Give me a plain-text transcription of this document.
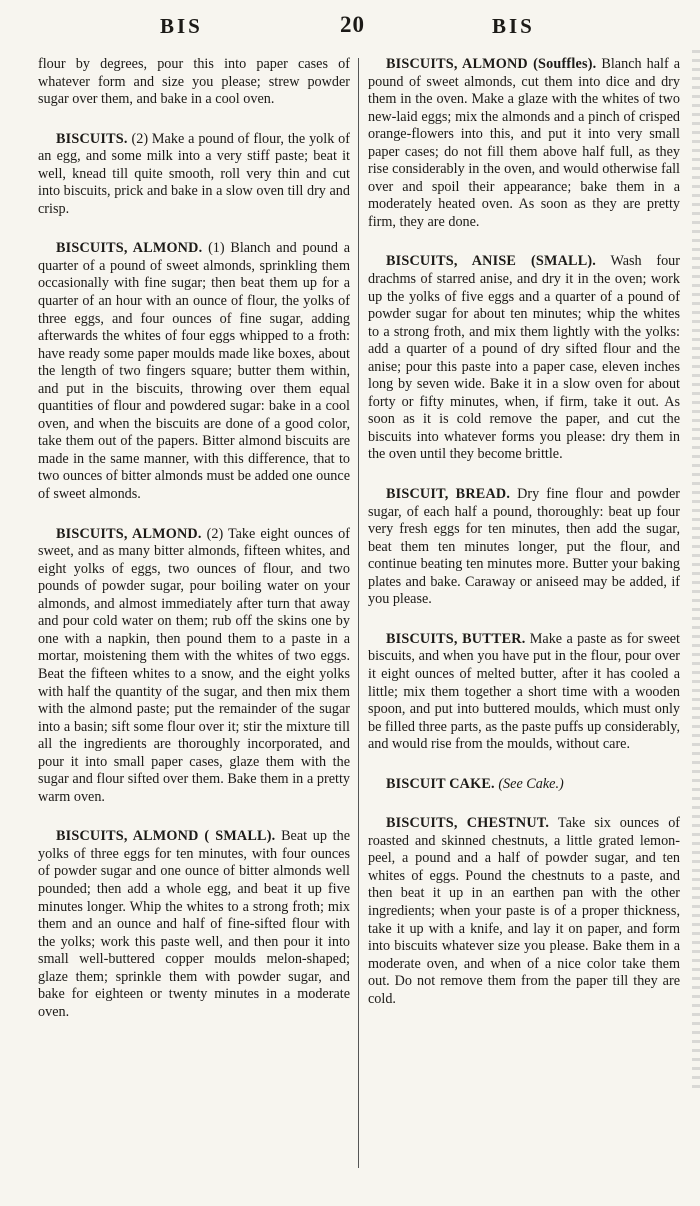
BIS	20	BIS

flour by degrees, pour this into paper cases of whatever form and size you please; strew powder sugar over them, and bake in a cool oven.

BISCUITS. (2) Make a pound of flour, the yolk of an egg, and some milk into a very stiff paste; beat it well, knead till quite smooth, roll very thin and cut into biscuits, prick and bake in a slow oven till dry and crisp.

BISCUITS, ALMOND. (1) Blanch and pound a quarter of a pound of sweet almonds, sprinkling them occasionally with fine sugar; then beat them up for a quarter of an hour with an ounce of flour, the yolks of three eggs, and four ounces of fine sugar, adding afterwards the whites of four eggs whipped to a froth: have ready some paper moulds made like boxes, about the length of two fingers square; butter them within, and put in the biscuits, throwing over them equal quantities of flour and powdered sugar: bake in a cool oven, and when the biscuits are done of a good color, take them out of the papers. Bitter almond biscuits are made in the same manner, with this difference, that to two ounces of bitter almonds must be added one ounce of sweet almonds.

BISCUITS, ALMOND. (2) Take eight ounces of sweet, and as many bitter almonds, fifteen whites, and eight yolks of eggs, two ounces of flour, and two pounds of powder sugar, pour boiling water on your almonds, and almost immediately after turn that away and pour cold water on them; rub off the skins one by one with a napkin, then pound them to a paste in a mortar, moistening them with the whites of two eggs. Beat the fifteen whites to a snow, and the eight yolks with half the quantity of the sugar, and then mix them with the almond paste; put the remainder of the sugar into a basin; sift some flour over it; stir the mixture till all the ingredients are thoroughly incorporated, and pour it into small paper cases, glaze them with the sugar and flour sifted over them. Bake them in a pretty warm oven.

BISCUITS, ALMOND ( SMALL). Beat up the yolks of three eggs for ten minutes, with four ounces of powder sugar and one ounce of bitter almonds well pounded; then add a whole egg, and beat it up five minutes longer. Whip the whites to a strong froth; mix them and an ounce and half of fine-sifted flour with the yolks; work this paste well, and then pour it into small well-buttered copper moulds melon-shaped; glaze them; sprinkle them with powder sugar, and bake for eighteen or twenty minutes in a moderate oven.

BISCUITS, ALMOND (Souffles). Blanch half a pound of sweet almonds, cut them into dice and dry them in the oven. Make a glaze with the whites of two new-laid eggs; mix the almonds and a pinch of crisped orange-flowers into this, and put it into very small paper cases; do not fill them above half full, as they rise considerably in the oven, and would otherwise fall over and spoil their appearance; bake them in a moderately heated oven. As soon as they are pretty firm, they are done.

BISCUITS, ANISE (SMALL). Wash four drachms of starred anise, and dry it in the oven; work up the yolks of five eggs and a quarter of a pound of powder sugar for about ten minutes; whip the whites to a strong froth, and mix them lightly with the yolks: add a quarter of a pound of dry sifted flour and the anise; pour this paste into a paper case, eleven inches long by seven wide. Bake it in a slow oven for about forty or fifty minutes, when, if firm, take it out. As soon as it is cold remove the paper, and cut the biscuits into whatever forms you please: dry them in the oven until they become brittle.

BISCUIT, BREAD. Dry fine flour and powder sugar, of each half a pound, thoroughly: beat up four very fresh eggs for ten minutes, then add the sugar, beat them ten minutes longer, put the flour, and continue beating ten minutes more. Butter your baking plates and bake. Caraway or aniseed may be added, if you please.

BISCUITS, BUTTER. Make a paste as for sweet biscuits, and when you have put in the flour, pour over it eight ounces of melted butter, after it has cooled a little; mix them together a short time with a wooden spoon, and put into buttered moulds, which must only be filled three parts, as the paste puffs up considerably, and would rise from the moulds, without care.

BISCUIT CAKE. (See Cake.)

BISCUITS, CHESTNUT. Take six ounces of roasted and skinned chestnuts, a little grated lemon-peel, a pound and a half of powder sugar, and ten whites of eggs. Pound the chestnuts to a paste, and then beat it up in an earthen pan with the other ingredients; when your paste is of a proper thickness, take it up with a knife, and lay it on paper, and form into biscuits whatever size you please. Bake them in a moderate oven, and when of a nice color take them out. Do not remove them from the paper till they are cold.
